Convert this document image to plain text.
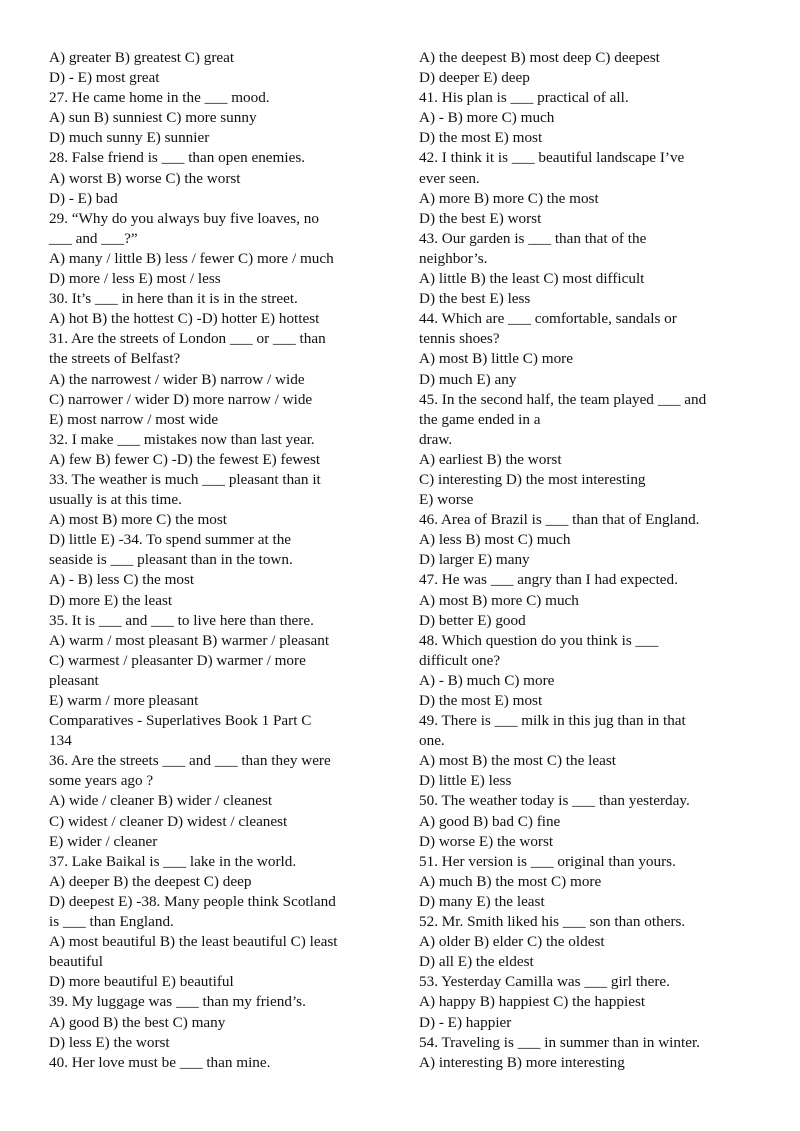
A) greater B) greatest C) great
D) - E) most great
27. He came home in the ___ mood.
A) sun B) sunniest C) more sunny
D) much sunny E) sunnier
28. False friend is ___ than open enemies.
A) worst B) worse C) the worst
D) - E) bad
29. “Why do you always buy five loaves, no
___ and ___?”
A) many / little B) less / fewer C) more / much
D) more / less E) most / less
30. It’s ___ in here than it is in the street.
A) hot B) the hottest C) -D) hotter E) hottest
31. Are the streets of London ___ or ___ than
the streets of Belfast?
A) the narrowest / wider B) narrow / wide
C) narrower / wider D) more narrow / wide
E) most narrow / most wide
32. I make ___ mistakes now than last year.
A) few B) fewer C) -D) the fewest E) fewest
33. The weather is much ___ pleasant than it
usually is at this time.
A) most B) more C) the most
D) little E) -34. To spend summer at the
seaside is ___ pleasant than in the town.
A) - B) less C) the most
D) more E) the least
35. It is ___ and ___ to live here than there.
A) warm / most pleasant B) warmer / pleasant
C) warmest / pleasanter D) warmer / more
pleasant
E) warm / more pleasant
Comparatives - Superlatives Book 1 Part C
134
36. Are the streets ___ and ___ than they were
some years ago ?
A) wide / cleaner B) wider / cleanest
C) widest / cleaner D) widest / cleanest
E) wider / cleaner
37. Lake Baikal is ___ lake in the world.
A) deeper B) the deepest C) deep
D) deepest E) -38. Many people think Scotland
is ___ than England.
A) most beautiful B) the least beautiful C) least
beautiful
D) more beautiful E) beautiful
39. My luggage was ___ than my friend’s.
A) good B) the best C) many
D) less E) the worst
40. Her love must be ___ than mine.
A) the deepest B) most deep C) deepest
D) deeper E) deep
41. His plan is ___ practical of all.
A) - B) more C) much
D) the most E) most
42. I think it is ___ beautiful landscape I’ve
ever seen.
A) more B) more C) the most
D) the best E) worst
43. Our garden is ___ than that of the
neighbor’s.
A) little B) the least C) most difficult
D) the best E) less
44. Which are ___ comfortable, sandals or
tennis shoes?
A) most B) little C) more
D) much E) any
45. In the second half, the team played ___ and
the game ended in a
draw.
A) earliest B) the worst
C) interesting D) the most interesting
E) worse
46. Area of Brazil is ___ than that of England.
A) less B) most C) much
D) larger E) many
47. He was ___ angry than I had expected.
A) most B) more C) much
D) better E) good
48. Which question do you think is ___
difficult one?
A) - B) much C) more
D) the most E) most
49. There is ___ milk in this jug than in that
one.
A) most B) the most C) the least
D) little E) less
50. The weather today is ___ than yesterday.
A) good B) bad C) fine
D) worse E) the worst
51. Her version is ___ original than yours.
A) much B) the most C) more
D) many E) the least
52. Mr. Smith liked his ___ son than others.
A) older B) elder C) the oldest
D) all E) the eldest
53. Yesterday Camilla was ___ girl there.
A) happy B) happiest C) the happiest
D) - E) happier
54. Traveling is ___ in summer than in winter.
A) interesting B) more interesting
